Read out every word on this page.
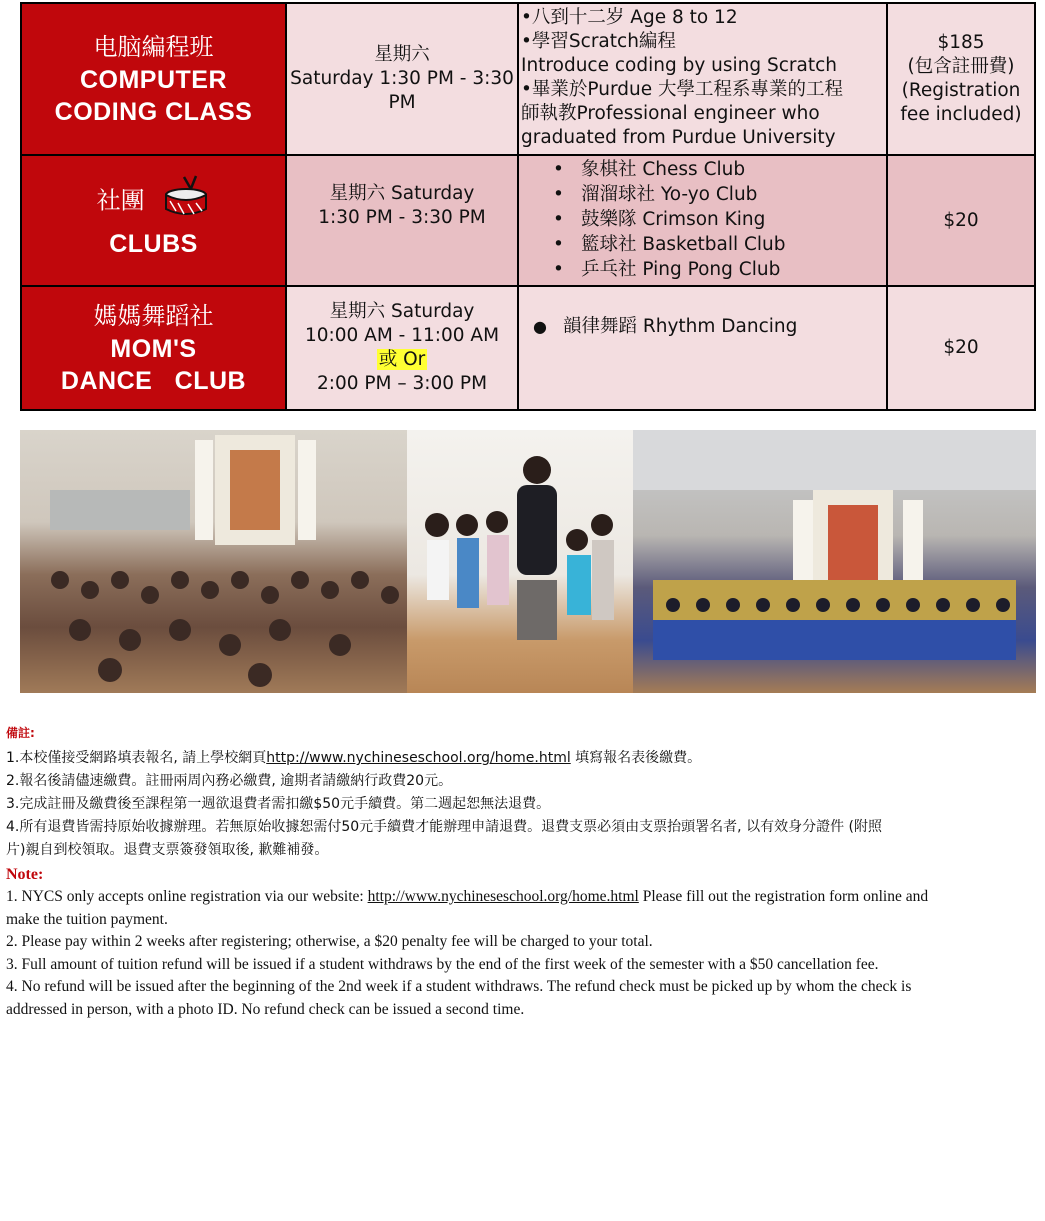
电脑編程班
COMPUTER
CODING CLASS
星期六
Saturday 1:30 PM - 3:30
PM
•八到十二岁 Age 8 to 12
•學習Scratch編程
Introduce coding by using Scratch
•畢業於Purdue 大學工程系專業的工程
師執教Professional engineer who
graduated from Purdue University
$185
(包含註冊費)
(Registration
fee included)
社團
CLUBS
星期六 Saturday
1:30 PM - 3:30 PM
• 象棋社 Chess Club
• 溜溜球社 Yo-yo Club
• 鼓樂隊 Crimson King
• 籃球社 Basketball Club
• 乒乓社 Ping Pong Club
$20
媽媽舞蹈社
MOM'S
DANCE   CLUB
星期六 Saturday
10:00 AM - 11:00 AM
或 Or
2:00 PM – 3:00 PM
● 韻律舞蹈 Rhythm Dancing
$20
備註:
1.本校僅接受網路填表報名, 請上學校網頁http://www.nychineseschool.org/home.html 填寫報名表後繳費。
2.報名後請儘速繳費。註冊兩周內務必繳費, 逾期者請繳納行政費20元。
3.完成註冊及繳費後至課程第一週欲退費者需扣繳$50元手續費。第二週起恕無法退費。
4.所有退費皆需持原始收據辦理。若無原始收據恕需付50元手續費才能辦理申請退費。退費支票必須由支票抬頭署名者, 以有效身分證件 (附照
片)親自到校領取。退費支票簽發領取後, 歉難補發。
Note:
1. NYCS only accepts online registration via our website: http://www.nychineseschool.org/home.html Please fill out the registration form online and
make the tuition payment.
2. Please pay within 2 weeks after registering; otherwise, a $20 penalty fee will be charged to your total.
3. Full amount of tuition refund will be issued if a student withdraws by the end of the first week of the semester with a $50 cancellation fee.
4. No refund will be issued after the beginning of the 2nd week if a student withdraws. The refund check must be picked up by whom the check is
addressed in person, with a photo ID. No refund check can be issued a second time.
